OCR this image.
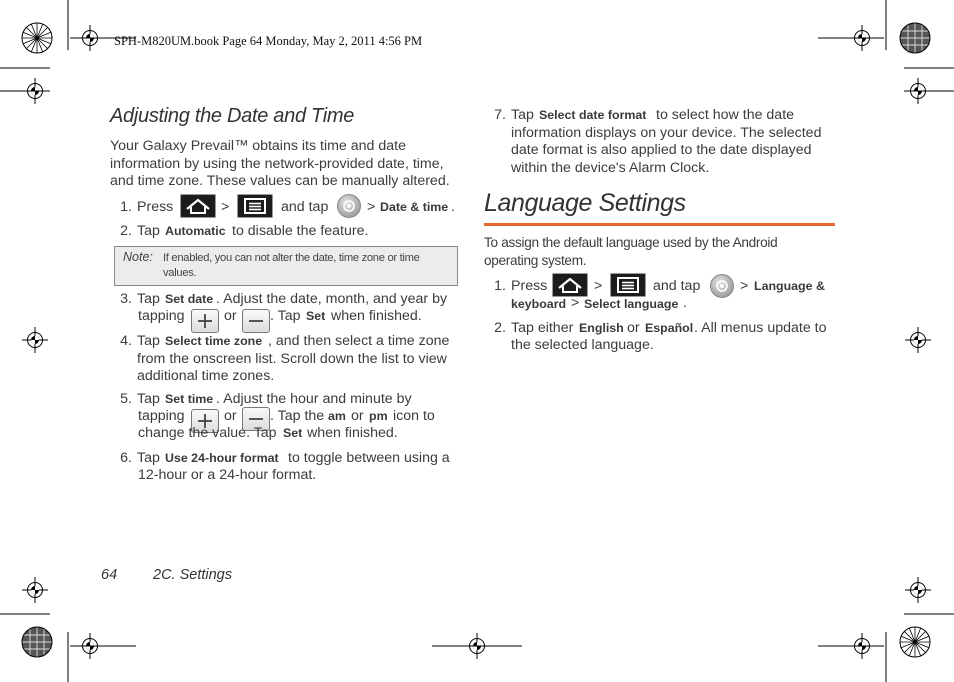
SPH-M820UM.book Page 64 Monday, May 2, 2011 4:56 PM
Adjusting the Date and Time
Your Galaxy Prevail™ obtains its time and date information by using the network-provided date, time, and time zone. These values can be manually altered.
1. Press	>	and tap	> Date & time .
2. Tap Automatic to disable the feature.
Note: If enabled, you can not alter the date, time zone or time values.
3. Tap Set date . Adjust the date, month, and year by
tapping	or . Tap Set when finished.
4. Tap Select time zone , and then select a time zone from the onscreen list. Scroll down the list to view additional time zones.
5. Tap Set time . Adjust the hour and minute by
tapping	or . Tap the am or pm icon to
change the value. Tap Set when finished.
6. Tap Use 24-hour format to toggle between using a
12-hour or a 24-hour format.
7. Tap Select date format to select how the date information displays on your device. The selected date format is also applied to the date displayed within the device's Alarm Clock.
Language Settings
To assign the default language used by the Android operating system.
1. Press	>	and tap	> Language &
keyboard > Select language .
2. Tap either English or Español . All menus update to
the selected language.
64 2C. Settings
